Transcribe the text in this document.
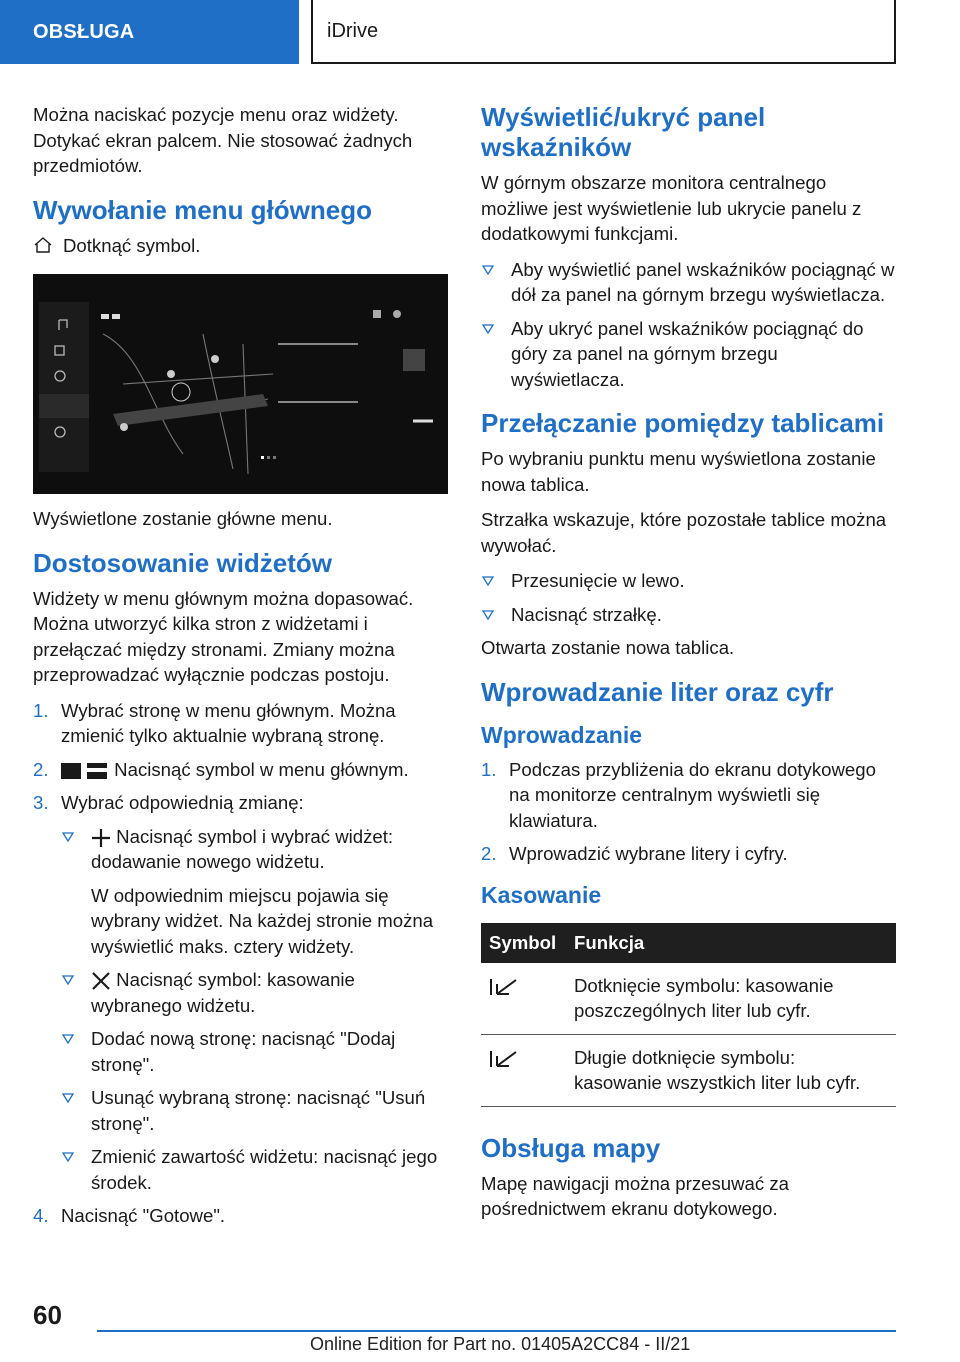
OBSŁUGA	iDrive

Można naciskać pozycje menu oraz widżety. Dotykać ekran palcem. Nie stosować żadnych przedmiotów.

Wywołanie menu głównego
Dotknąć symbol.

Wyświetlone zostanie główne menu.

Dostosowanie widżetów

Widżety w menu głównym można dopasować. Można utworzyć kilka stron z widżetami i przełączać między stronami. Zmiany można przeprowadzać wyłącznie podczas postoju.

1. Wybrać stronę w menu głównym. Można zmienić tylko aktualnie wybraną stronę.
2.	Nacisnąć symbol w menu głównym.
3. Wybrać odpowiednią zmianę:
Nacisnąć symbol i wybrać widżet: dodawanie nowego widżetu.
W odpowiednim miejscu pojawia się wybrany widżet. Na każdej stronie można wyświetlić maks. cztery widżety.
Nacisnąć symbol: kasowanie wybranego widżetu.
Dodać nową stronę: nacisnąć "Dodaj stronę".
Usunąć wybraną stronę: nacisnąć "Usuń stronę".
Zmienić zawartość widżetu: nacisnąć jego środek.
4. Nacisnąć "Gotowe".
Wyświetlić/ukryć panel wskaźników

W górnym obszarze monitora centralnego możliwe jest wyświetlenie lub ukrycie panelu z dodatkowymi funkcjami.

Aby wyświetlić panel wskaźników pociągnąć w dół za panel na górnym brzegu wyświetlacza.
Aby ukryć panel wskaźników pociągnąć do góry za panel na górnym brzegu wyświetlacza.
Przełączanie pomiędzy tablicami

Po wybraniu punktu menu wyświetlona zostanie nowa tablica.

Strzałka wskazuje, które pozostałe tablice można wywołać.

Przesunięcie w lewo.
Nacisnąć strzałkę.

Otwarta zostanie nowa tablica.

Wprowadzanie liter oraz cyfr
Wprowadzanie
1. Podczas przybliżenia do ekranu dotykowego na monitorze centralnym wyświetli się klawiatura.
2. Wprowadzić wybrane litery i cyfry.
Kasowanie
Symbol	Funkcja
	Dotknięcie symbolu: kasowanie poszczególnych liter lub cyfr.
	Długie dotknięcie symbolu: kasowanie wszystkich liter lub cyfr.
Obsługa mapy

Mapę nawigacji można przesuwać za pośrednictwem ekranu dotykowego.

60
Online Edition for Part no. 01405A2CC84 - II/21
